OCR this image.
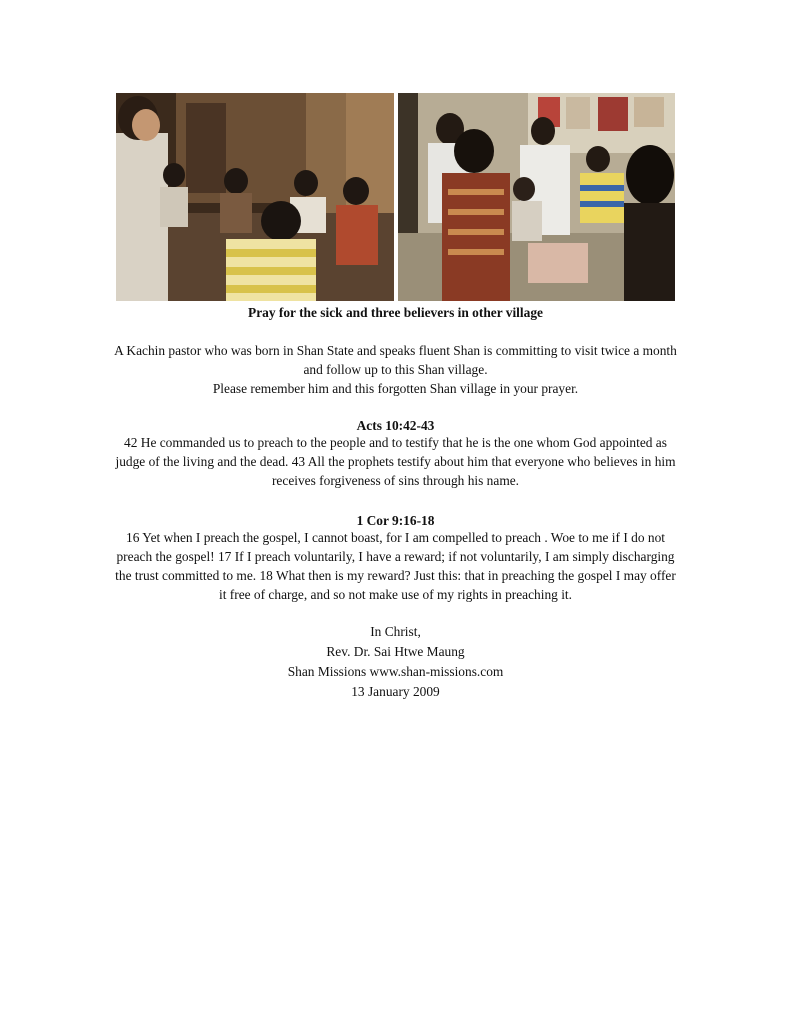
Pray for the sick and three believers in other village
A Kachin pastor who was born in Shan State and speaks fluent Shan is committing to visit twice a month
and follow up to this Shan village.
Please remember him and this forgotten Shan village in your prayer.
Acts 10:42-43
42 He commanded us to preach to the people and to testify that he is the one whom God appointed as
judge of the living and the dead. 43 All the prophets testify about him that everyone who believes in him
receives forgiveness of sins through his name.
1 Cor 9:16-18
16 Yet when I preach the gospel, I cannot boast, for I am compelled to preach . Woe to me if I do not
preach the gospel! 17 If I preach voluntarily, I have a reward; if not voluntarily, I am simply discharging
the trust committed to me. 18 What then is my reward? Just this: that in preaching the gospel I may offer
it free of charge, and so not make use of my rights in preaching it.
In Christ,
Rev. Dr. Sai Htwe Maung
Shan Missions www.shan-missions.com
13 January 2009
